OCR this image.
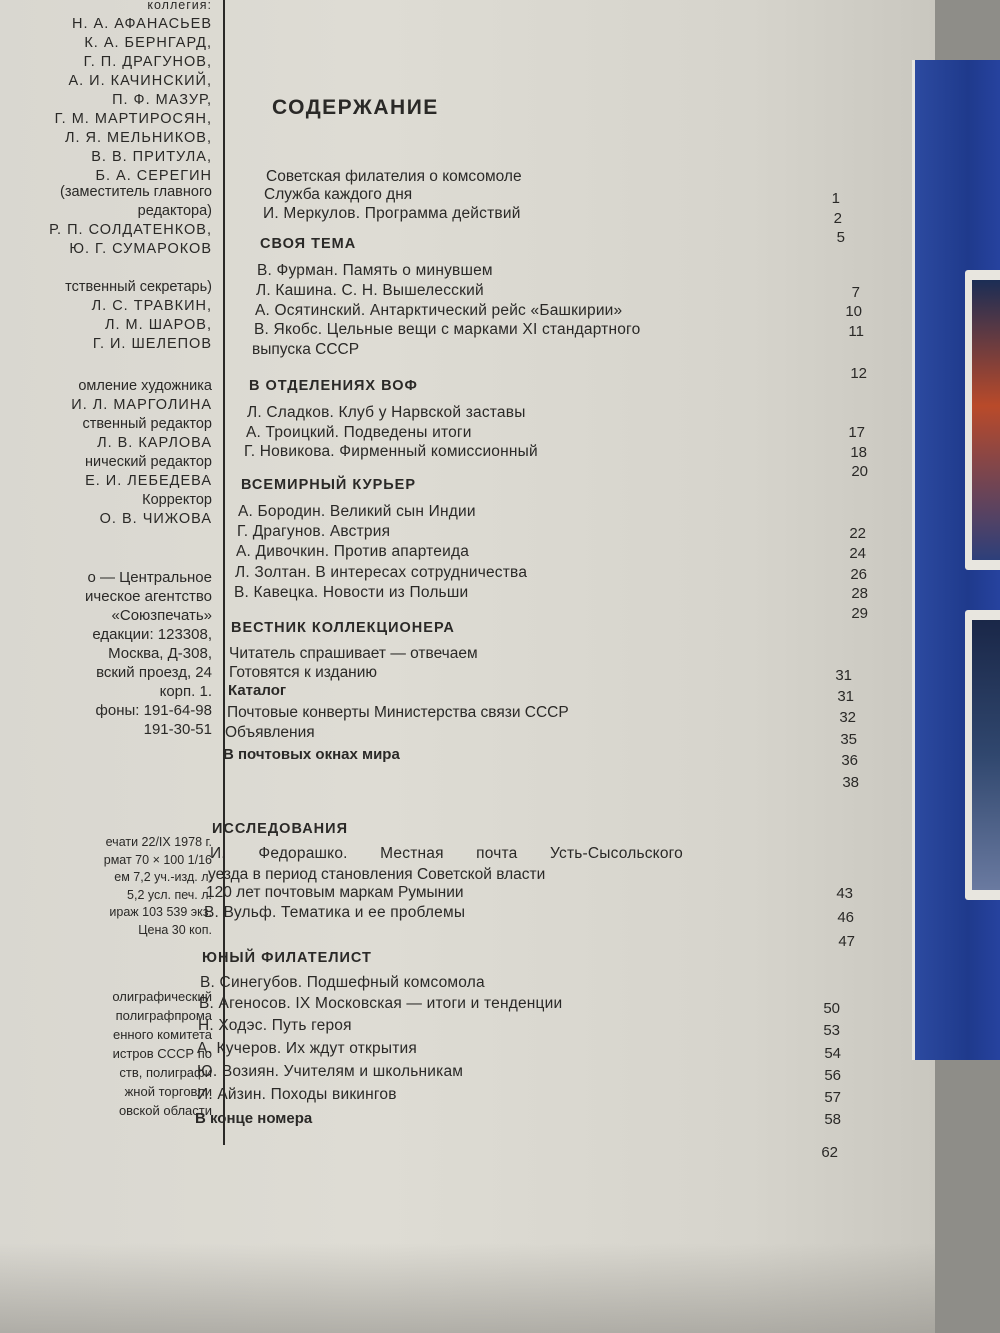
коллегия:
Н. А. АФАНАСЬЕВ
К. А. БЕРНГАРД,
Г. П. ДРАГУНОВ,
А. И. КАЧИНСКИЙ,
П. Ф. МАЗУР,
Г. М. МАРТИРОСЯН,
Л. Я. МЕЛЬНИКОВ,
В. В. ПРИТУЛА,
Б. А. СЕРЕГИН
(заместитель главного
редактора)
Р. П. СОЛДАТЕНКОВ,
Ю. Г. СУМАРОКОВ
тственный секретарь)
Л. С. ТРАВКИН,
Л. М. ШАРОВ,
Г. И. ШЕЛЕПОВ
омление художника
И. Л. МАРГОЛИНА
ственный редактор
Л. В. КАРЛОВА
нический редактор
Е. И. ЛЕБЕДЕВА
Корректор
О. В. ЧИЖОВА
о — Центральное
ическое агентство
«Союзпечать»
едакции: 123308,
Москва, Д-308,
вский проезд, 24
корп. 1.
фоны: 191-64-98
191-30-51
ечати 22/IX 1978 г.
рмат 70 × 100 1/16
ем 7,2 уч.-изд. л.
5,2 усл. печ. л.
ираж 103 539 экз.
Цена 30 коп.
олиграфический
полиграфпрома
енного комитета
истров СССР по
ств, полиграфи
жной торговли
овской области
СОДЕРЖАНИЕ
Советская филателия о комсомоле
Служба каждого дня
И. Меркулов. Программа действий
СВОЯ ТЕМА
В. Фурман. Память о минувшем
Л. Кашина. С. Н. Вышелесский
А. Осятинский. Антарктический рейс «Башкирии»
В. Якобс. Цельные вещи с марками XI стандартного
выпуска СССР
В ОТДЕЛЕНИЯХ ВОФ
Л. Сладков. Клуб у Нарвской заставы
А. Троицкий. Подведены итоги
Г. Новикова. Фирменный комиссионный
ВСЕМИРНЫЙ КУРЬЕР
А. Бородин. Великий сын Индии
Г. Драгунов. Австрия
А. Дивочкин. Против апартеида
Л. Золтан. В интересах сотрудничества
В. Кавецка. Новости из Польши
ВЕСТНИК КОЛЛЕКЦИОНЕРА
Читатель спрашивает — отвечаем
Готовятся к изданию
Каталог
Почтовые конверты Министерства связи СССР
Объявления
В почтовых окнах мира
ИССЛЕДОВАНИЯ
И. Федорашко. Местная почта Усть-Сысольского
уезда в период становления Советской власти
120 лет почтовым маркам Румынии
В. Вульф. Тематика и ее проблемы
ЮНЫЙ ФИЛАТЕЛИСТ
В. Синегубов. Подшефный комсомола
В. Агеносов. IX Московская — итоги и тенденции
Н. Ходэс. Путь героя
А. Кучеров. Их ждут открытия
Ю. Возиян. Учителям и школьникам
И. Айзин. Походы викингов
В конце номера
1
2
5
7
10
11
12
17
18
20
22
24
26
28
29
31
31
32
35
36
38
43
46
47
50
53
54
56
57
58
62
